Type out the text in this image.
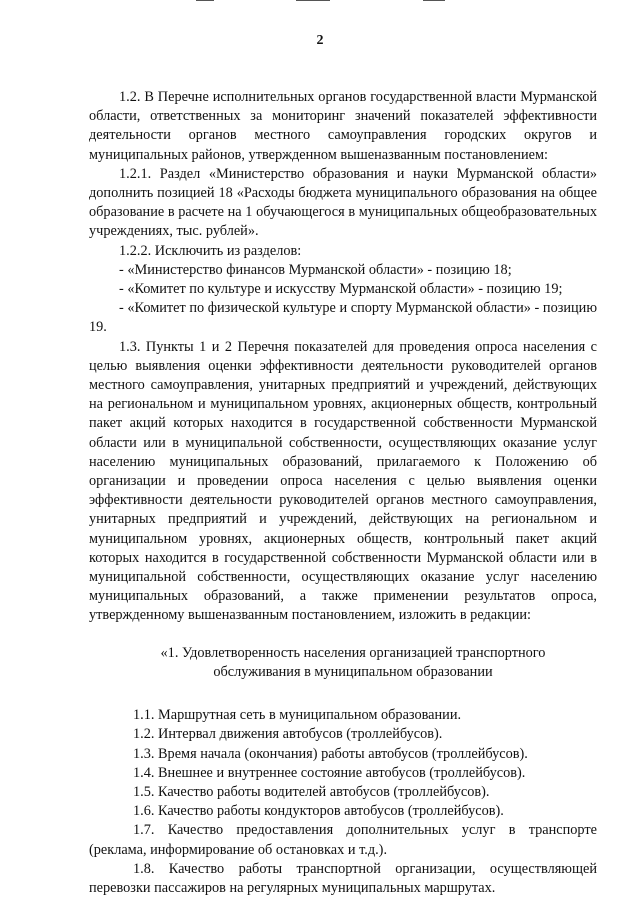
2

1.2. В Перечне исполнительных органов государственной власти Мурманской области, ответственных за мониторинг значений показателей эффективности деятельности органов местного самоуправления городских округов и муниципальных районов, утвержденном вышеназванным постановлением:

1.2.1. Раздел «Министерство образования и науки Мурманской области» дополнить позицией 18 «Расходы бюджета муниципального образования на общее образование в расчете на 1 обучающегося в муниципальных общеобразовательных учреждениях, тыс. рублей».

1.2.2. Исключить из разделов:

- «Министерство финансов Мурманской области» - позицию 18;

- «Комитет по культуре и искусству Мурманской области» - позицию 19;

- «Комитет по физической культуре и спорту Мурманской области» - позицию 19.

1.3. Пункты 1 и 2 Перечня показателей для проведения опроса населения с целью выявления оценки эффективности деятельности руководителей органов местного самоуправления, унитарных предприятий и учреждений, действующих на региональном и муниципальном уровнях, акционерных обществ, контрольный пакет акций которых находится в государственной собственности Мурманской области или в муниципальной собственности, осуществляющих оказание услуг населению муниципальных образований, прилагаемого к Положению об организации и проведении опроса населения с целью выявления оценки эффективности деятельности руководителей органов местного самоуправления, унитарных предприятий и учреждений, действующих на региональном и муниципальном уровнях, акционерных обществ, контрольный пакет акций которых находится в государственной собственности Мурманской области или в муниципальной собственности, осуществляющих оказание услуг населению муниципальных образований, а также применении результатов опроса, утвержденному вышеназванным постановлением, изложить в редакции:

«1. Удовлетворенность населения организацией транспортного
обслуживания в муниципальном образовании

1.1. Маршрутная сеть в муниципальном образовании.

1.2. Интервал движения автобусов (троллейбусов).

1.3. Время начала (окончания) работы автобусов (троллейбусов).

1.4. Внешнее и внутреннее состояние автобусов (троллейбусов).

1.5. Качество работы водителей автобусов (троллейбусов).

1.6. Качество работы кондукторов автобусов (троллейбусов).

1.7. Качество предоставления дополнительных услуг в транспорте (реклама, информирование об остановках и т.д.).

1.8. Качество работы транспортной организации, осуществляющей перевозки пассажиров на регулярных муниципальных маршрутах.
